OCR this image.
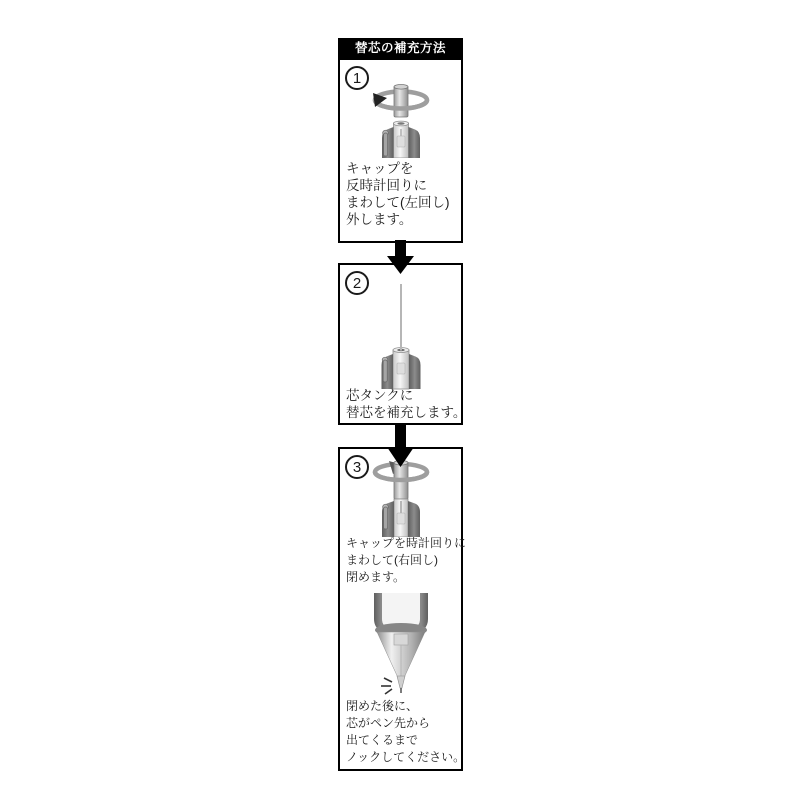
替芯の補充方法
1
キャップを
反時計回りに
まわして(左回し)
外します。
2
芯タンクに
替芯を補充します。
3
キャップを時計回りに
まわして(右回し)
閉めます。
閉めた後に、
芯がペン先から
出てくるまで
ノックしてください。
